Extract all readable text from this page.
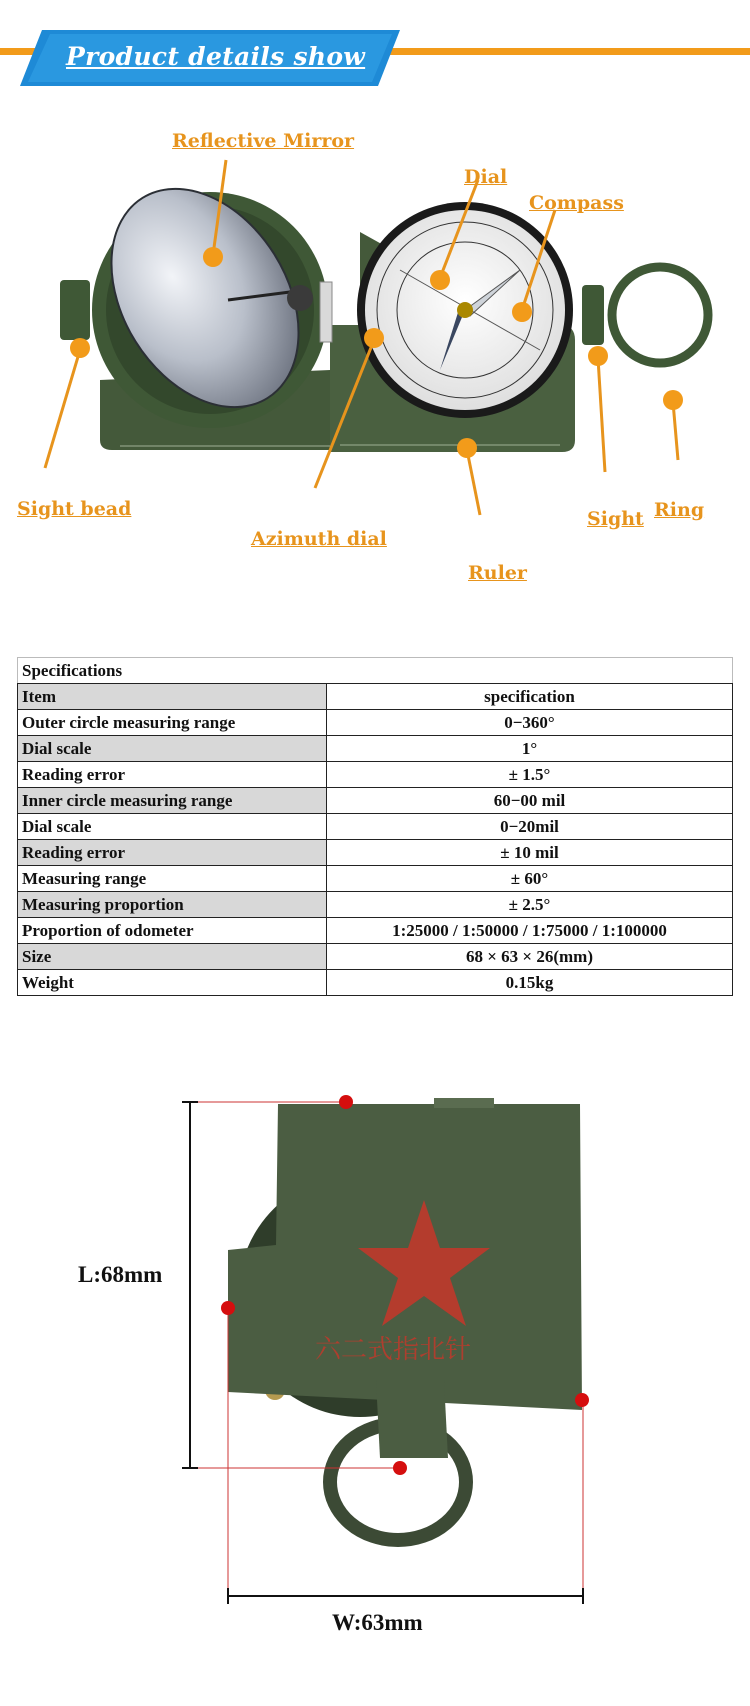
Product details show
Reflective Mirror
Dial
Compass
Sight bead
Azimuth dial
Ruler
Sight Ring
Specifications	
Item	specification
Outer circle measuring range	0−360°
Dial scale	1°
Reading error	± 1.5°
Inner circle measuring range	60−00 mil
Dial scale	0−20mil
Reading error	± 10 mil
Measuring range	± 60°
Measuring proportion	± 2.5°
Proportion of odometer	1:25000 / 1:50000 / 1:75000 / 1:100000
Size	68 × 63 × 26(mm)
Weight	0.15kg
六二式指北针
L:68mm
W:63mm
